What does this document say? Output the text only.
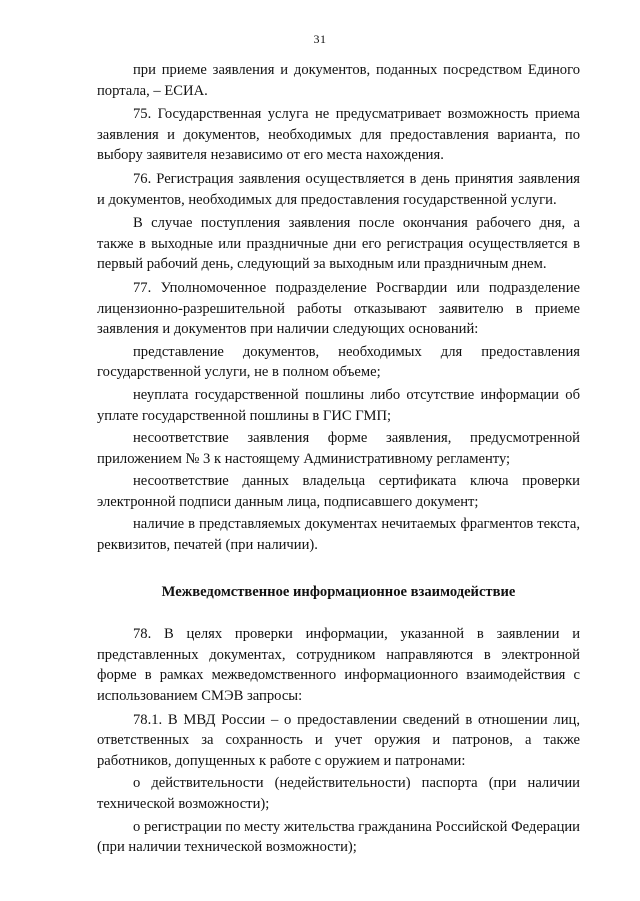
31

при приеме заявления и документов, поданных посредством Единого портала, – ЕСИА.

75. Государственная услуга не предусматривает возможность приема заявления и документов, необходимых для предоставления варианта, по выбору заявителя независимо от его места нахождения.

76. Регистрация заявления осуществляется в день принятия заявления и документов, необходимых для предоставления государственной услуги.

В случае поступления заявления после окончания рабочего дня, а также в выходные или праздничные дни его регистрация осуществляется в первый рабочий день, следующий за выходным или праздничным днем.

77. Уполномоченное подразделение Росгвардии или подразделение лицензионно-разрешительной работы отказывают заявителю в приеме заявления и документов при наличии следующих оснований:

представление документов, необходимых для предоставления государственной услуги, не в полном объеме;

неуплата государственной пошлины либо отсутствие информации об уплате государственной пошлины в ГИС ГМП;

несоответствие заявления форме заявления, предусмотренной приложением № 3 к настоящему Административному регламенту;

несоответствие данных владельца сертификата ключа проверки электронной подписи данным лица, подписавшего документ;

наличие в представляемых документах нечитаемых фрагментов текста, реквизитов, печатей (при наличии).

Межведомственное информационное взаимодействие

78. В целях проверки информации, указанной в заявлении и представленных документах, сотрудником направляются в электронной форме в рамках межведомственного информационного взаимодействия с использованием СМЭВ запросы:

78.1. В МВД России – о предоставлении сведений в отношении лиц, ответственных за сохранность и учет оружия и патронов, а также работников, допущенных к работе с оружием и патронами:

о действительности (недействительности) паспорта (при наличии технической возможности);

о регистрации по месту жительства гражданина Российской Федерации (при наличии технической возможности);
